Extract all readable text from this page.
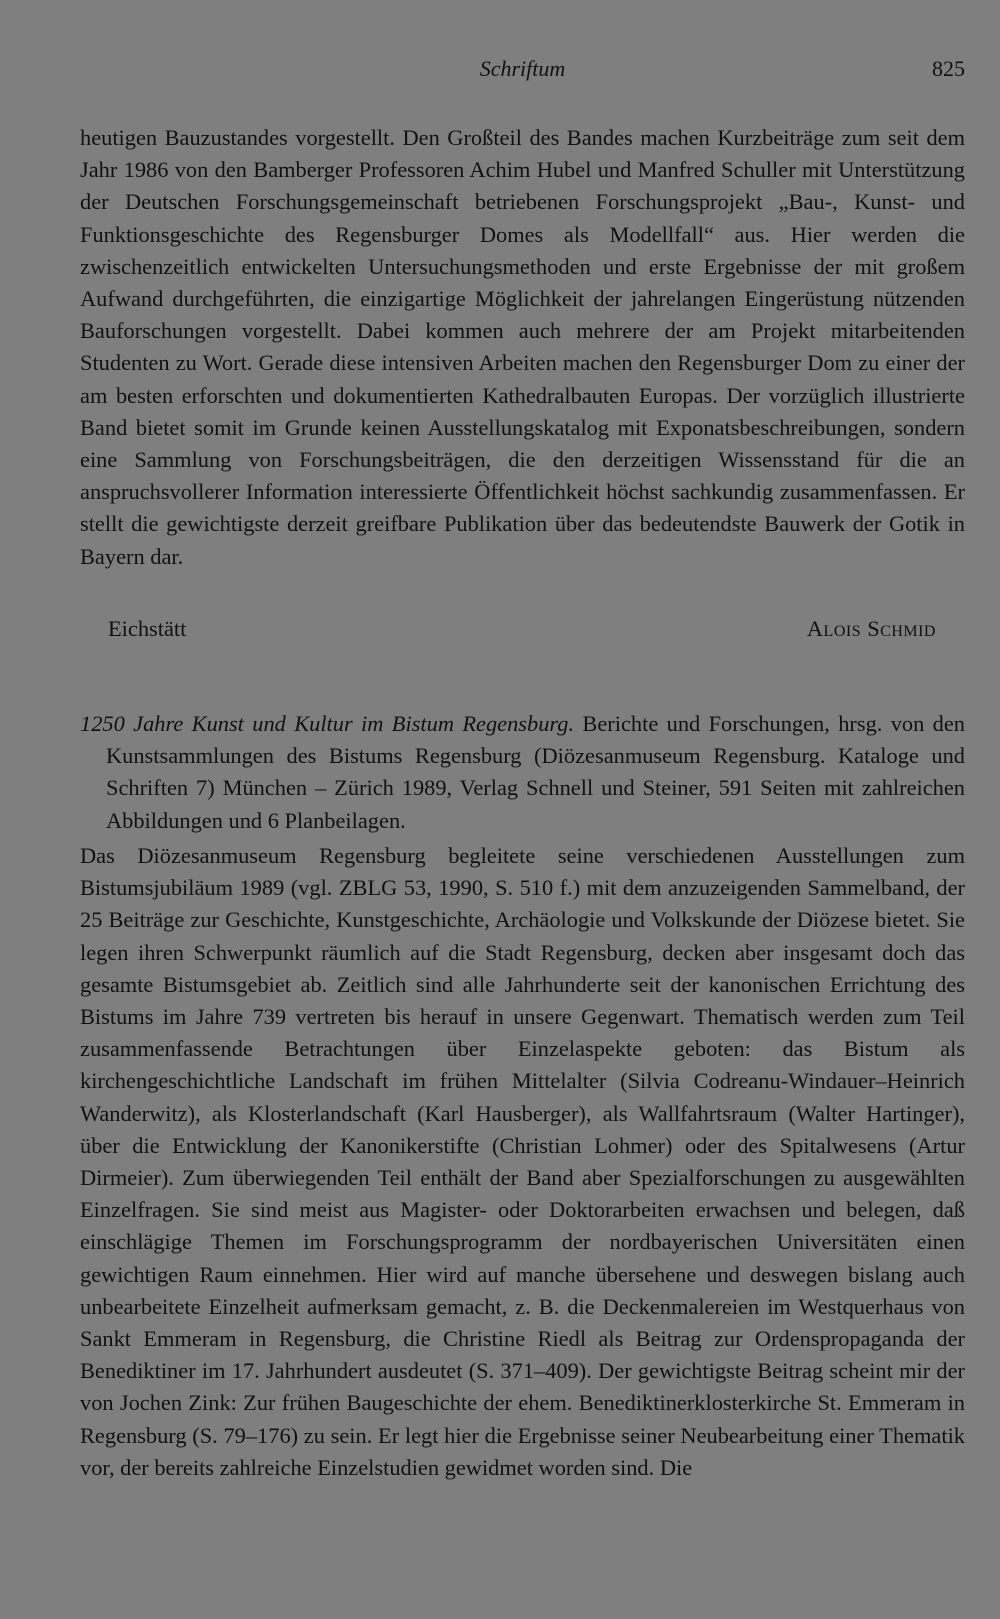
Schriftum	825

heutigen Bauzustandes vorgestellt. Den Großteil des Bandes machen Kurzbeiträge zum seit dem Jahr 1986 von den Bamberger Professoren Achim Hubel und Manfred Schuller mit Unterstützung der Deutschen Forschungsgemeinschaft betriebenen Forschungsprojekt „Bau-, Kunst- und Funktionsgeschichte des Regensburger Domes als Modellfall“ aus. Hier werden die zwischenzeitlich entwickelten Untersuchungsmethoden und erste Ergebnisse der mit großem Aufwand durchgeführten, die einzigartige Möglichkeit der jahrelangen Eingerüstung nützenden Bauforschungen vorgestellt. Dabei kommen auch mehrere der am Projekt mitarbeitenden Studenten zu Wort. Gerade diese intensiven Arbeiten machen den Regensburger Dom zu einer der am besten erforschten und dokumentierten Kathedralbauten Europas. Der vorzüglich illustrierte Band bietet somit im Grunde keinen Ausstellungskatalog mit Exponatsbeschreibungen, sondern eine Sammlung von Forschungsbeiträgen, die den derzeitigen Wissensstand für die an anspruchsvollerer Information interessierte Öffentlichkeit höchst sachkundig zusammenfassen. Er stellt die gewichtigste derzeit greifbare Publikation über das bedeutendste Bauwerk der Gotik in Bayern dar.

Eichstätt	Alois Schmid
1250 Jahre Kunst und Kultur im Bistum Regensburg. Berichte und Forschungen, hrsg. von den Kunstsammlungen des Bistums Regensburg (Diözesanmuseum Regensburg. Kataloge und Schriften 7) München – Zürich 1989, Verlag Schnell und Steiner, 591 Seiten mit zahlreichen Abbildungen und 6 Planbeilagen.

Das Diözesanmuseum Regensburg begleitete seine verschiedenen Ausstellungen zum Bistumsjubiläum 1989 (vgl. ZBLG 53, 1990, S. 510 f.) mit dem anzuzeigenden Sammelband, der 25 Beiträge zur Geschichte, Kunstgeschichte, Archäologie und Volkskunde der Diözese bietet. Sie legen ihren Schwerpunkt räumlich auf die Stadt Regensburg, decken aber insgesamt doch das gesamte Bistumsgebiet ab. Zeitlich sind alle Jahrhunderte seit der kanonischen Errichtung des Bistums im Jahre 739 vertreten bis herauf in unsere Gegenwart. Thematisch werden zum Teil zusammenfassende Betrachtungen über Einzelaspekte geboten: das Bistum als kirchengeschichtliche Landschaft im frühen Mittelalter (Silvia Codreanu-Windauer–Heinrich Wanderwitz), als Klosterlandschaft (Karl Hausberger), als Wallfahrtsraum (Walter Hartinger), über die Entwicklung der Kanonikerstifte (Christian Lohmer) oder des Spitalwesens (Artur Dirmeier). Zum überwiegenden Teil enthält der Band aber Spezialforschungen zu ausgewählten Einzelfragen. Sie sind meist aus Magister- oder Doktorarbeiten erwachsen und belegen, daß einschlägige Themen im Forschungsprogramm der nordbayerischen Universitäten einen gewichtigen Raum einnehmen. Hier wird auf manche übersehene und deswegen bislang auch unbearbeitete Einzelheit aufmerksam gemacht, z. B. die Deckenmalereien im Westquerhaus von Sankt Emmeram in Regensburg, die Christine Riedl als Beitrag zur Ordenspropaganda der Benediktiner im 17. Jahrhundert ausdeutet (S. 371–409). Der gewichtigste Beitrag scheint mir der von Jochen Zink: Zur frühen Baugeschichte der ehem. Benediktinerklosterkirche St. Emmeram in Regensburg (S. 79–176) zu sein. Er legt hier die Ergebnisse seiner Neubearbeitung einer Thematik vor, der bereits zahlreiche Einzelstudien gewidmet worden sind. Die
